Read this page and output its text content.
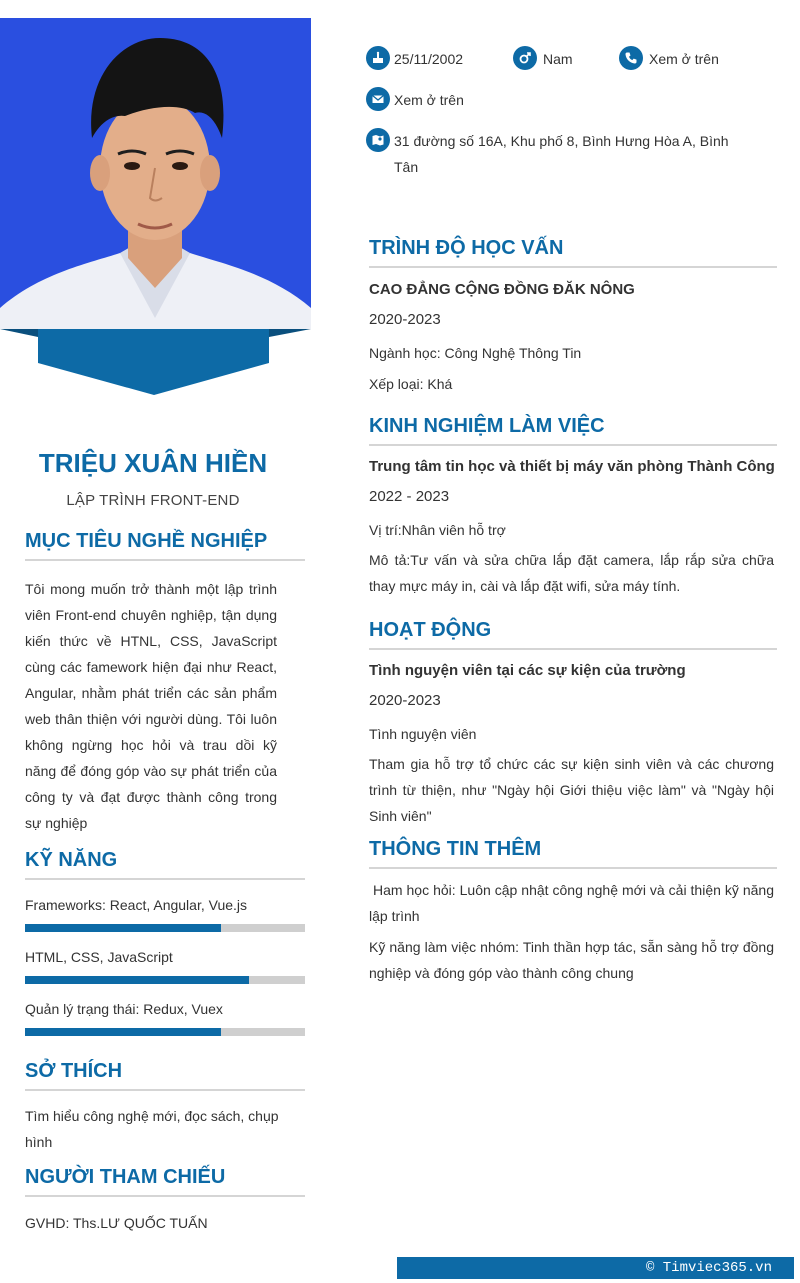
TRIỆU XUÂN HIỀN
LẬP TRÌNH FRONT-END
MỤC TIÊU NGHỀ NGHIỆP
Tôi mong muốn trở thành một lập trình viên Front-end chuyên nghiệp, tận dụng kiến thức về HTNL, CSS, JavaScript cùng các famework hiện đại như React, Angular, nhằm phát triển các sản phẩm web thân thiện với người dùng. Tôi luôn không ngừng học hỏi và trau dồi kỹ năng để đóng góp vào sự phát triển của công ty và đạt được thành công trong sự nghiệp
KỸ NĂNG
Frameworks: React, Angular, Vue.js
HTML, CSS, JavaScript
Quản lý trạng thái: Redux, Vuex
SỞ THÍCH
Tìm hiểu công nghệ mới, đọc sách, chụp hình
NGƯỜI THAM CHIẾU
GVHD: Ths.LƯ QUỐC TUẤN
25/11/2002	Nam	Xem ở trên
Xem ở trên
31 đường số 16A, Khu phố 8, Bình Hưng Hòa A, Bình
Tân
TRÌNH ĐỘ HỌC VẤN
CAO ĐẲNG CỘNG ĐỒNG ĐĂK NÔNG
2020-2023
Ngành học: Công Nghệ Thông Tin
Xếp loại: Khá
KINH NGHIỆM LÀM VIỆC
Trung tâm tin học và thiết bị máy văn phòng Thành Công
2022 - 2023
Vị trí:Nhân viên hỗ trợ
Mô tả:Tư vấn và sửa chữa lắp đặt camera, lắp rắp sửa chữa thay mực máy in, cài và lắp đặt wifi, sửa máy tính.
HOẠT ĐỘNG
Tình nguyện viên tại các sự kiện của trường
2020-2023
Tình nguyện viên
Tham gia hỗ trợ tổ chức các sự kiện sinh viên và các chương trình từ thiện, như "Ngày hội Giới thiệu việc làm" và "Ngày hội Sinh viên"
THÔNG TIN THÊM
Ham học hỏi: Luôn cập nhật công nghệ mới và cải thiện kỹ năng lập trình
Kỹ năng làm việc nhóm: Tinh thần hợp tác, sẵn sàng hỗ trợ đồng nghiệp và đóng góp vào thành công chung
© Timviec365.vn
